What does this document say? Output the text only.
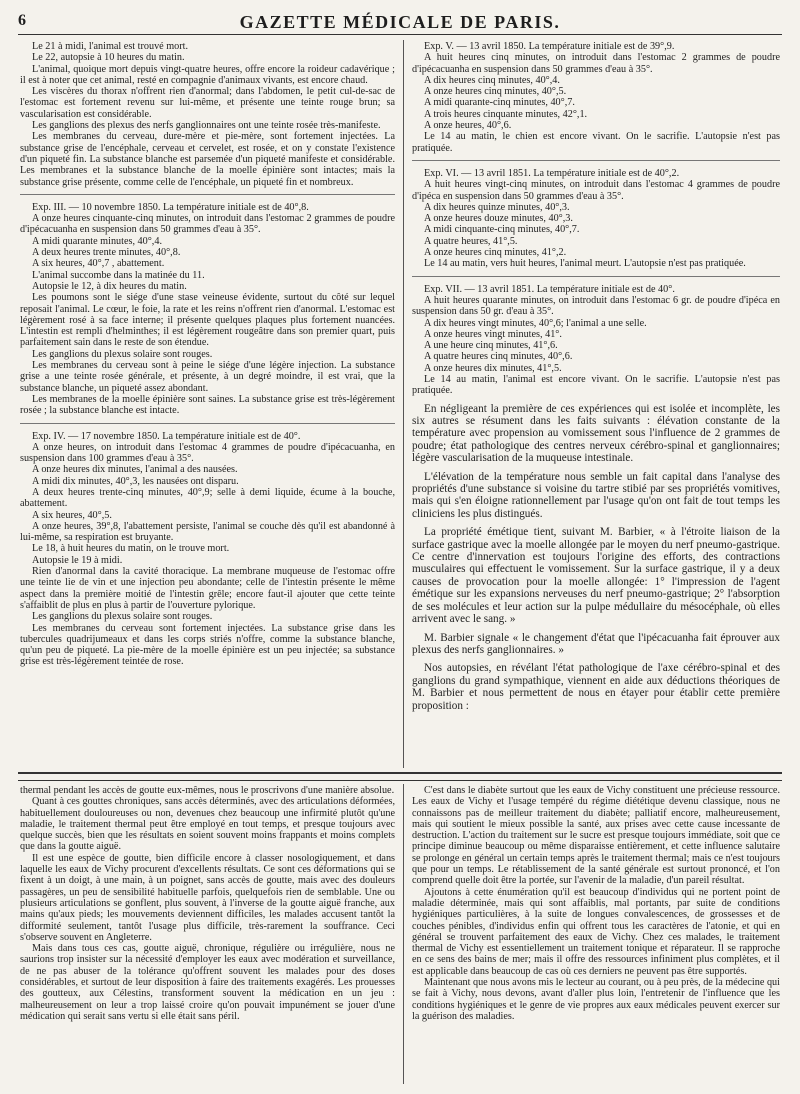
6	GAZETTE MÉDICALE DE PARIS.

Le 21 à midi, l'animal est trouvé mort.

Le 22, autopsie à 10 heures du matin.

L'animal, quoique mort depuis vingt-quatre heures, offre encore la roideur cadavérique ; il est à noter que cet animal, resté en compagnie d'animaux vivants, est encore chaud.

Les viscères du thorax n'offrent rien d'anormal; dans l'abdomen, le petit cul-de-sac de l'estomac est fortement revenu sur lui-même, et présente une teinte rouge brun; sa vascularisation est considérable.

Les ganglions des plexus des nerfs ganglionnaires ont une teinte rosée très-manifeste.

Les membranes du cerveau, dure-mère et pie-mère, sont fortement injectées. La substance grise de l'encéphale, cerveau et cervelet, est rosée, et on y constate l'existence d'un piqueté fin. La substance blanche est parsemée d'un piqueté manifeste et considérable. Les membranes et la substance blanche de la moelle épinière sont intactes; mais la substance grise présente, comme celle de l'encéphale, un piqueté fin et nombreux.

Exp. III. — 10 novembre 1850. La température initiale est de 40°,8.

A onze heures cinquante-cinq minutes, on introduit dans l'estomac 2 grammes de poudre d'ipécacuanha en suspension dans 50 grammes d'eau à 35°.

A midi quarante minutes, 40°,4.

A deux heures trente minutes, 40°,8.

A six heures, 40°,7 , abattement.

L'animal succombe dans la matinée du 11.

Autopsie le 12, à dix heures du matin.

Les poumons sont le siége d'une stase veineuse évidente, surtout du côté sur lequel reposait l'animal. Le cœur, le foie, la rate et les reins n'offrent rien d'anormal. L'estomac est légèrement rosé à sa face interne; il présente quelques plaques plus fortement nuancées. L'intestin est rempli d'helminthes; il est légèrement rougeâtre dans son premier quart, puis parfaitement sain dans le reste de son étendue.

Les ganglions du plexus solaire sont rouges.

Les membranes du cerveau sont à peine le siége d'une légère injection. La substance grise a une teinte rosée générale, et présente, à un degré moindre, il est vrai, que la substance blanche, un piqueté assez abondant.

Les membranes de la moelle épinière sont saines. La substance grise est très-légèrement rosée ; la substance blanche est intacte.

Exp. IV. — 17 novembre 1850. La température initiale est de 40°.

A onze heures, on introduit dans l'estomac 4 grammes de poudre d'ipécacuanha, en suspension dans 100 grammes d'eau à 35°.

A onze heures dix minutes, l'animal a des nausées.

A midi dix minutes, 40°,3, les nausées ont disparu.

A deux heures trente-cinq minutes, 40°,9; selle à demi liquide, écume à la bouche, abattement.

A six heures, 40°,5.

A onze heures, 39°,8, l'abattement persiste, l'animal se couche dès qu'il est abandonné à lui-même, sa respiration est bruyante.

Le 18, à huit heures du matin, on le trouve mort.

Autopsie le 19 à midi.

Rien d'anormal dans la cavité thoracique. La membrane muqueuse de l'estomac offre une teinte lie de vin et une injection peu abondante; celle de l'intestin présente le même aspect dans la première moitié de l'intestin grêle; encore faut-il ajouter que cette teinte s'affaiblit de plus en plus à partir de l'ouverture pylorique.

Les ganglions du plexus solaire sont rouges.

Les membranes du cerveau sont fortement injectées. La substance grise dans les tubercules quadrijumeaux et dans les corps striés n'offre, comme la substance blanche, qu'un peu de piqueté. La pie-mère de la moelle épinière est un peu injectée; sa substance grise est très-légèrement teintée de rose.

Exp. V. — 13 avril 1850. La température initiale est de 39°,9.

A huit heures cinq minutes, on introduit dans l'estomac 2 grammes de poudre d'ipécacuanha en suspension dans 50 grammes d'eau à 35°.

A dix heures cinq minutes, 40°,4.

A onze heures cinq minutes, 40°,5.

A midi quarante-cinq minutes, 40°,7.

A trois heures cinquante minutes, 42°,1.

A onze heures, 40°,6.

Le 14 au matin, le chien est encore vivant. On le sacrifie. L'autopsie n'est pas pratiquée.

Exp. VI. — 13 avril 1851. La température initiale est de 40°,2.

A huit heures vingt-cinq minutes, on introduit dans l'estomac 4 grammes de poudre d'ipéca en suspension dans 50 grammes d'eau à 35°.

A dix heures quinze minutes, 40°,3.

A onze heures douze minutes, 40°,3.

A midi cinquante-cinq minutes, 40°,7.

A quatre heures, 41°,5.

A onze heures cinq minutes, 41°,2.

Le 14 au matin, vers huit heures, l'animal meurt. L'autopsie n'est pas pratiquée.

Exp. VII. — 13 avril 1851. La température initiale est de 40°.

A huit heures quarante minutes, on introduit dans l'estomac 6 gr. de poudre d'ipéca en suspension dans 50 gr. d'eau à 35°.

A dix heures vingt minutes, 40°,6; l'animal a une selle.

A onze heures vingt minutes, 41°.

A une heure cinq minutes, 41°,6.

A quatre heures cinq minutes, 40°,6.

A onze heures dix minutes, 41°,5.

Le 14 au matin, l'animal est encore vivant. On le sacrifie. L'autopsie n'est pas pratiquée.

En négligeant la première de ces expériences qui est isolée et incomplète, les six autres se résument dans les faits suivants : élévation constante de la température avec propension au vomissement sous l'influence de 2 grammes de poudre; état pathologique des centres nerveux cérébro-spinal et ganglionnaires; légère vascularisation de la muqueuse intestinale.

L'élévation de la température nous semble un fait capital dans l'analyse des propriétés d'une substance si voisine du tartre stibié par ses propriétés vomitives, mais qui s'en éloigne rationnellement par l'usage qu'on ont fait de tout temps les cliniciens les plus distingués.

La propriété émétique tient, suivant M. Barbier, « à l'étroite liaison de la surface gastrique avec la moelle allongée par le moyen du nerf pneumo-gastrique. Ce centre d'innervation est toujours l'origine des efforts, des contractions musculaires qui effectuent le vomissement. Sur la surface gastrique, il y a deux causes de provocation pour la moelle allongée: 1° l'impression de l'agent émétique sur les expansions nerveuses du nerf pneumo-gastrique; 2° l'absorption de ses molécules et leur action sur la pulpe médullaire du mésocéphale, où elles arrivent avec le sang. »

M. Barbier signale « le changement d'état que l'ipécacuanha fait éprouver aux plexus des nerfs ganglionnaires. »

Nos autopsies, en révélant l'état pathologique de l'axe cérébro-spinal et des ganglions du grand sympathique, viennent en aide aux déductions théoriques de M. Barbier et nous permettent de nous en étayer pour établir cette première proposition :

thermal pendant les accès de goutte eux-mêmes, nous le proscrivons d'une manière absolue.

Quant à ces gouttes chroniques, sans accès déterminés, avec des articulations déformées, habituellement douloureuses ou non, devenues chez beaucoup une infirmité plutôt qu'une maladie, le traitement thermal peut être employé en tout temps, et presque toujours avec quelque succès, bien que les résultats en soient souvent moins frappants et moins complets que dans la goutte aiguë.

Il est une espèce de goutte, bien difficile encore à classer nosologiquement, et dans laquelle les eaux de Vichy procurent d'excellents résultats. Ce sont ces déformations qui se fixent à un doigt, à une main, à un poignet, sans accès de goutte, mais avec des douleurs passagères, un peu de sensibilité habituelle parfois, quelquefois rien de semblable. Une ou plusieurs articulations se gonflent, plus souvent, à l'inverse de la goutte aiguë franche, aux mains qu'aux pieds; les mouvements deviennent difficiles, les malades accusent tantôt la difformité seulement, tantôt l'usage plus difficile, très-rarement la souffrance. Ceci s'observe souvent en Angleterre.

Mais dans tous ces cas, goutte aiguë, chronique, régulière ou irrégulière, nous ne saurions trop insister sur la nécessité d'employer les eaux avec modération et surveillance, de ne pas abuser de la tolérance qu'offrent souvent les malades pour des doses considérables, et surtout de leur disposition à faire des traitements exagérés. Les prouesses des goutteux, aux Célestins, transforment souvent la médication en un jeu : malheureusement on leur a trop laissé croire qu'on pouvait impunément se jouer d'une médication qui serait sans vertu si elle était sans péril.

C'est dans le diabète surtout que les eaux de Vichy constituent une précieuse ressource. Les eaux de Vichy et l'usage tempéré du régime diététique devenu classique, nous ne connaissons pas de meilleur traitement du diabète; palliatif encore, malheureusement, mais qui soutient le mieux possible la santé, aux prises avec cette cause incessante de destruction. L'action du traitement sur le sucre est presque toujours immédiate, soit que ce principe diminue beaucoup ou même disparaisse entièrement, et cette influence salutaire se prolonge en général un certain temps après le traitement thermal; mais ce n'est toujours que pour un temps. Le rétablissement de la santé générale est surtout prononcé, et l'on comprend quelle doit être la portée, sur l'avenir de la maladie, d'un pareil résultat.

Ajoutons à cette énumération qu'il est beaucoup d'individus qui ne portent point de maladie déterminée, mais qui sont affaiblis, mal portants, par suite de conditions hygiéniques particulières, à la suite de longues convalescences, de grossesses et de couches pénibles, d'individus enfin qui offrent tous les caractères de l'atonie, et qui en général se trouvent parfaitement des eaux de Vichy. Chez ces malades, le traitement thermal de Vichy est essentiellement un traitement tonique et réparateur. Il se rapproche en ce sens des bains de mer; mais il offre des ressources infiniment plus complètes, et il est applicable dans beaucoup de cas où ces derniers ne peuvent pas être supportés.

Maintenant que nous avons mis le lecteur au courant, ou à peu près, de la médecine qui se fait à Vichy, nous devons, avant d'aller plus loin, l'entretenir de l'influence que les conditions hygiéniques et le genre de vie propres aux eaux médicales peuvent exercer sur la guérison des maladies.
